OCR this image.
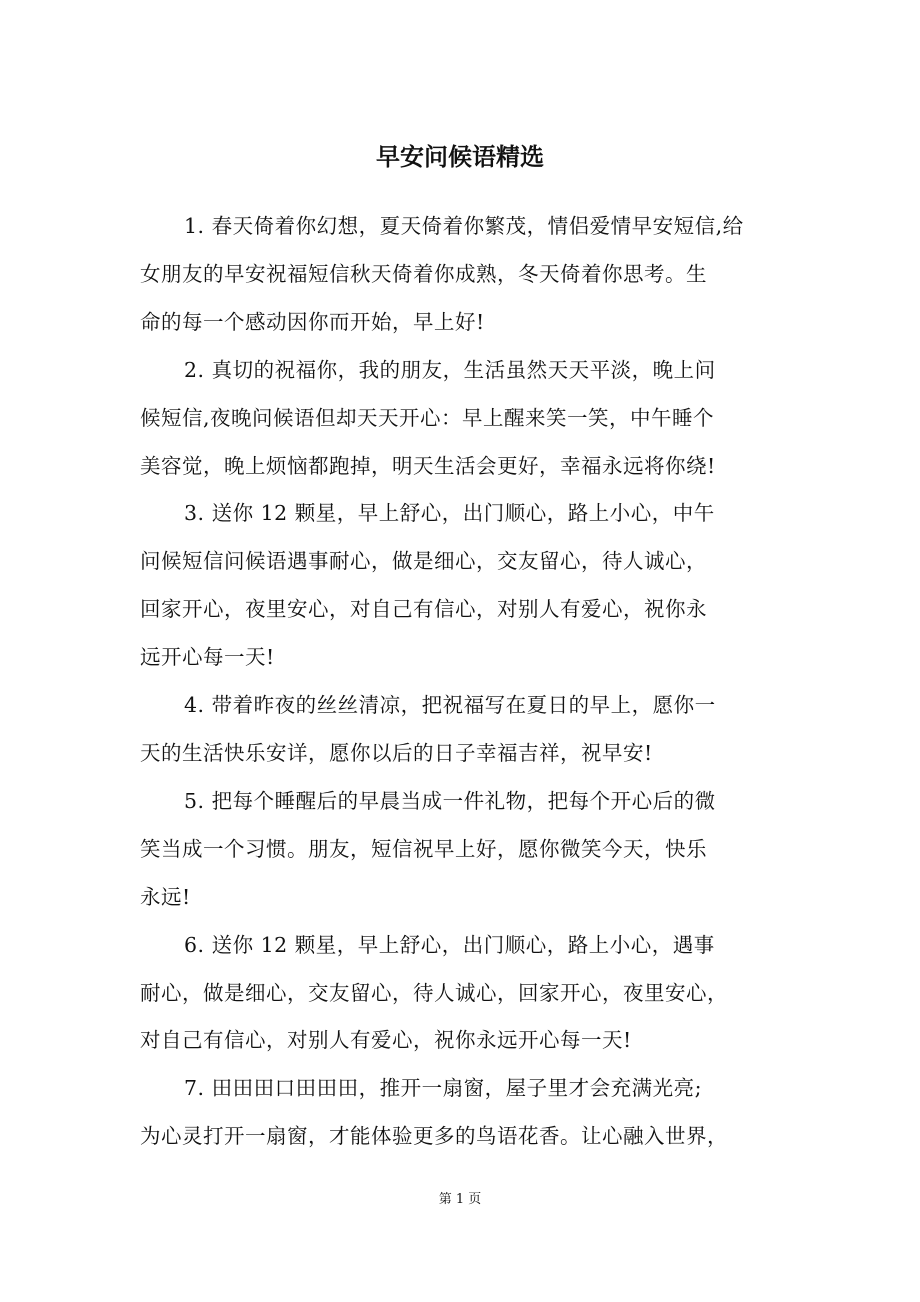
早安问候语精选

1. 春天倚着你幻想，夏天倚着你繁茂，情侣爱情早安短信,给
女朋友的早安祝福短信秋天倚着你成熟，冬天倚着你思考。生
命的每一个感动因你而开始，早上好!

2. 真切的祝福你，我的朋友，生活虽然天天平淡，晚上问
候短信,夜晚问候语但却天天开心：早上醒来笑一笑，中午睡个
美容觉，晚上烦恼都跑掉，明天生活会更好，幸福永远将你绕!

3. 送你 12 颗星，早上舒心，出门顺心，路上小心，中午
问候短信问候语遇事耐心，做是细心，交友留心，待人诚心，
回家开心，夜里安心，对自己有信心，对别人有爱心，祝你永
远开心每一天!

4. 带着昨夜的丝丝清凉，把祝福写在夏日的早上，愿你一
天的生活快乐安详，愿你以后的日子幸福吉祥，祝早安!

5. 把每个睡醒后的早晨当成一件礼物，把每个开心后的微
笑当成一个习惯。朋友，短信祝早上好，愿你微笑今天，快乐
永远!

6. 送你 12 颗星，早上舒心，出门顺心，路上小心，遇事
耐心，做是细心，交友留心，待人诚心，回家开心，夜里安心，
对自己有信心，对别人有爱心，祝你永远开心每一天!

7. 田田田口田田田，推开一扇窗，屋子里才会充满光亮;
为心灵打开一扇窗，才能体验更多的鸟语花香。让心融入世界，

第 1 页
